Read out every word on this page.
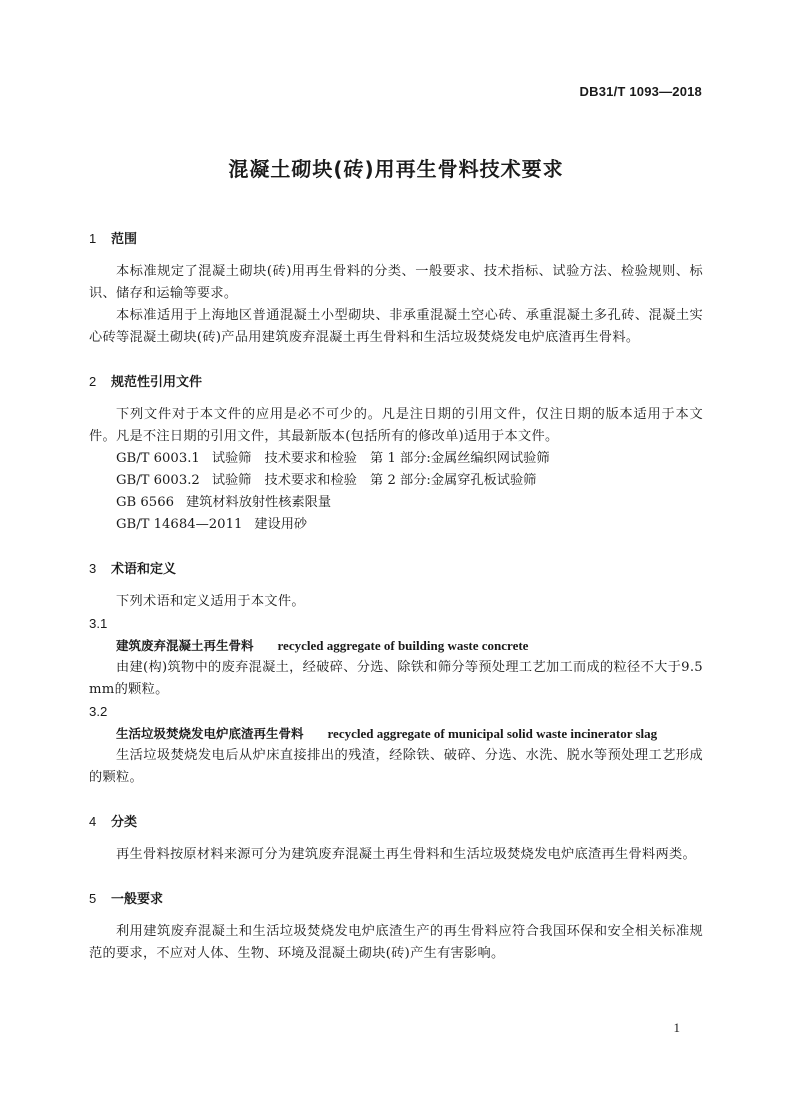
DB31/T 1093—2018
混凝土砌块(砖)用再生骨料技术要求
1 范围

本标准规定了混凝土砌块(砖)用再生骨料的分类、一般要求、技术指标、试验方法、检验规则、标识、储存和运输等要求。

本标准适用于上海地区普通混凝土小型砌块、非承重混凝土空心砖、承重混凝土多孔砖、混凝土实心砖等混凝土砌块(砖)产品用建筑废弃混凝土再生骨料和生活垃圾焚烧发电炉底渣再生骨料。

2 规范性引用文件

下列文件对于本文件的应用是必不可少的。凡是注日期的引用文件，仅注日期的版本适用于本文件。凡是不注日期的引用文件，其最新版本(包括所有的修改单)适用于本文件。

GB/T 6003.1 试验筛　技术要求和检验　第 1 部分:金属丝编织网试验筛
GB/T 6003.2 试验筛　技术要求和检验　第 2 部分:金属穿孔板试验筛
GB 6566 建筑材料放射性核素限量
GB/T 14684—2011 建设用砂
3 术语和定义

下列术语和定义适用于本文件。

3.1
建筑废弃混凝土再生骨料 recycled aggregate of building waste concrete

由建(构)筑物中的废弃混凝土，经破碎、分选、除铁和筛分等预处理工艺加工而成的粒径不大于9.5 mm的颗粒。

3.2
生活垃圾焚烧发电炉底渣再生骨料 recycled aggregate of municipal solid waste incinerator slag

生活垃圾焚烧发电后从炉床直接排出的残渣，经除铁、破碎、分选、水洗、脱水等预处理工艺形成的颗粒。

4 分类

再生骨料按原材料来源可分为建筑废弃混凝土再生骨料和生活垃圾焚烧发电炉底渣再生骨料两类。

5 一般要求

利用建筑废弃混凝土和生活垃圾焚烧发电炉底渣生产的再生骨料应符合我国环保和安全相关标准规范的要求，不应对人体、生物、环境及混凝土砌块(砖)产生有害影响。

1
